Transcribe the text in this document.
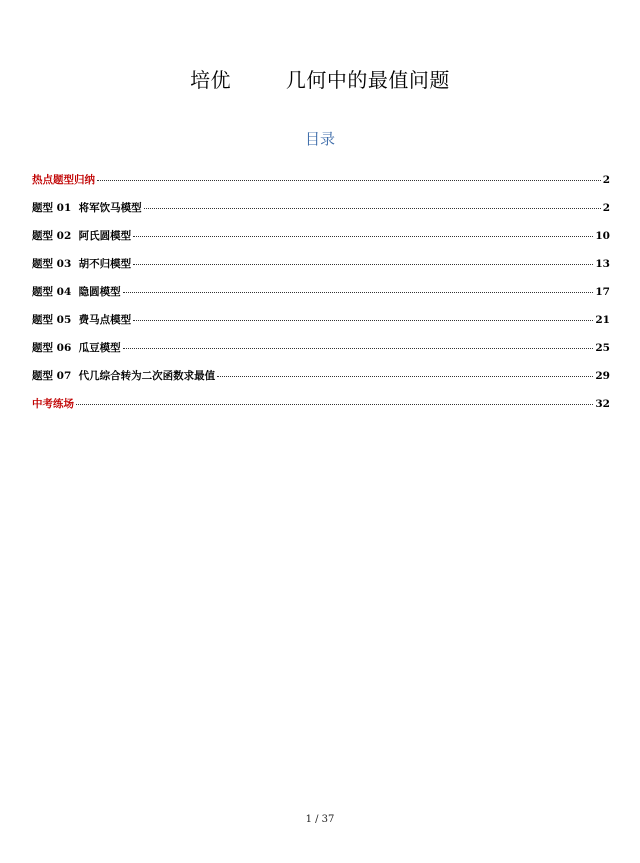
培优        几何中的最值问题
目录
热点题型归纳	2
题型 01  将军饮马模型	2
题型 02  阿氏圆模型	10
题型 03  胡不归模型	13
题型 04  隐圆模型	17
题型 05  费马点模型	21
题型 06  瓜豆模型	25
题型 07  代几综合转为二次函数求最值	29
中考练场	32
1 / 37
